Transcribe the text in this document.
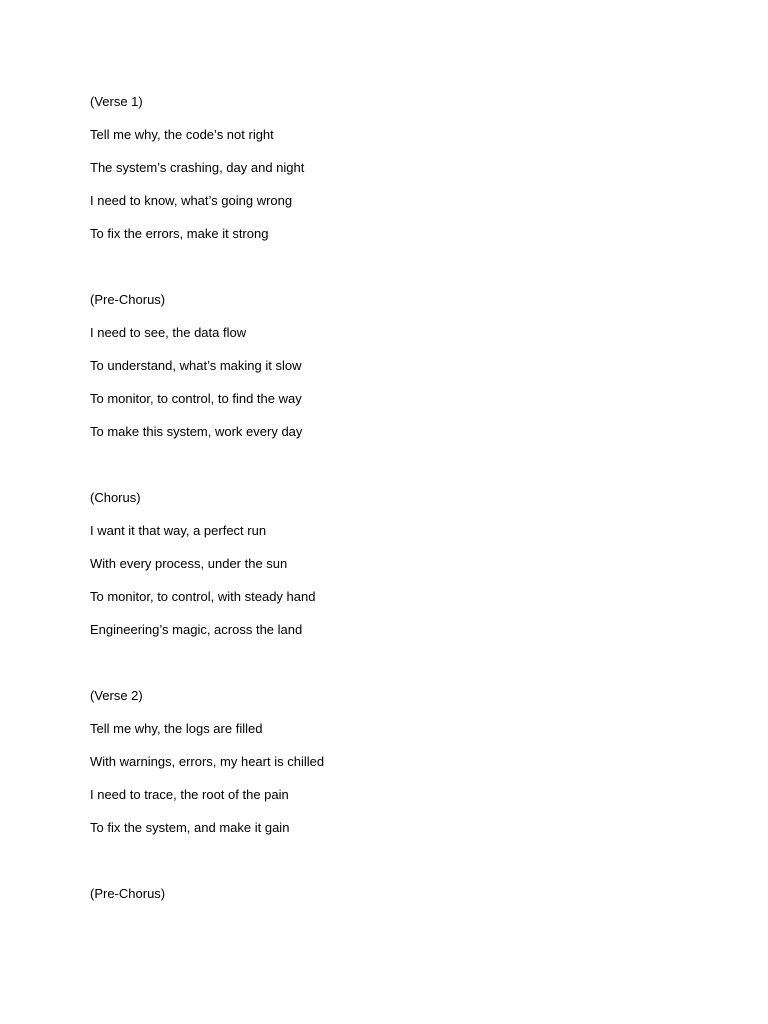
(Verse 1)
Tell me why, the code’s not right
The system’s crashing, day and night
I need to know, what’s going wrong
To fix the errors, make it strong
(Pre-Chorus)
I need to see, the data flow
To understand, what’s making it slow
To monitor, to control, to find the way
To make this system, work every day
(Chorus)
I want it that way, a perfect run
With every process, under the sun
To monitor, to control, with steady hand
Engineering’s magic, across the land
(Verse 2)
Tell me why, the logs are filled
With warnings, errors, my heart is chilled
I need to trace, the root of the pain
To fix the system, and make it gain
(Pre-Chorus)
